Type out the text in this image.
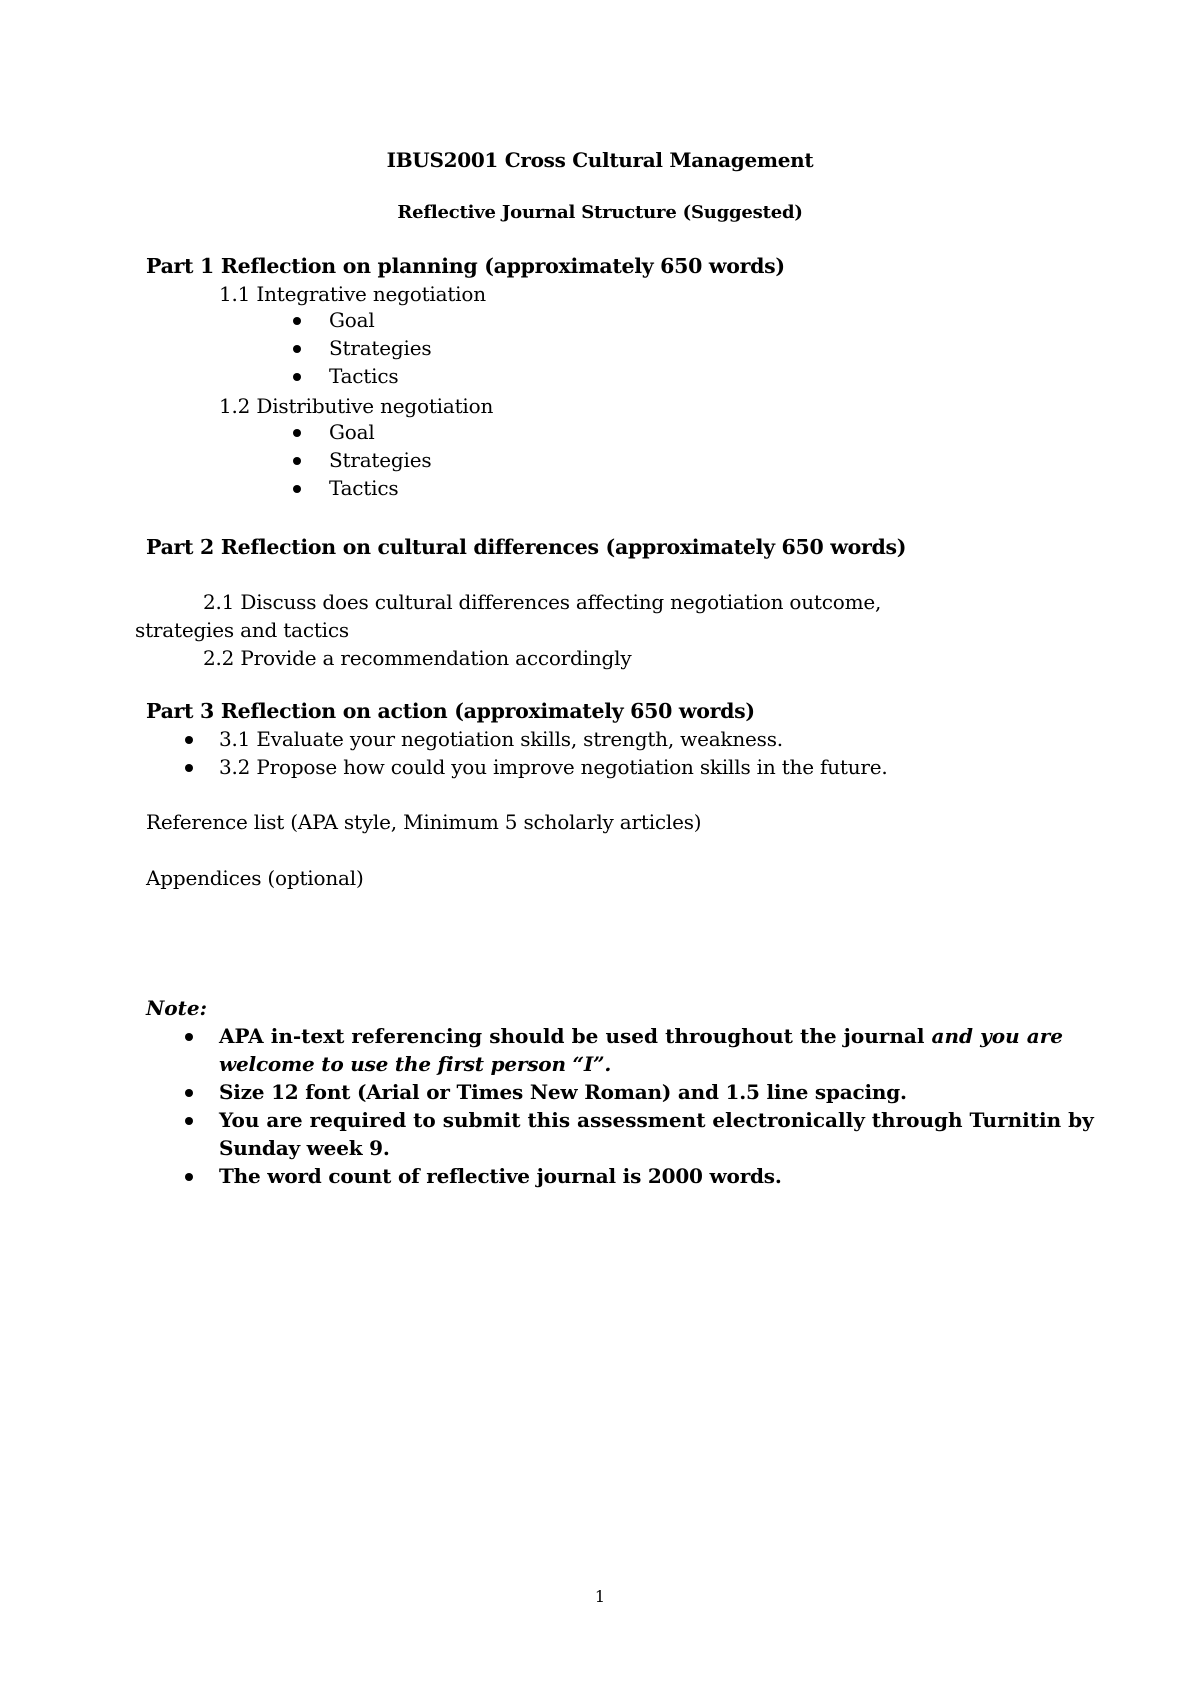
IBUS2001 Cross Cultural Management
Reflective Journal Structure (Suggested)
Part 1 Reflection on planning (approximately 650 words)
1.1 Integrative negotiation
Goal
Strategies
Tactics
1.2 Distributive negotiation
Goal
Strategies
Tactics
Part 2 Reflection on cultural differences (approximately 650 words)
2.1 Discuss does cultural differences affecting negotiation outcome,
strategies and tactics
2.2 Provide a recommendation accordingly
Part 3 Reflection on action (approximately 650 words)
3.1 Evaluate your negotiation skills, strength, weakness.
3.2 Propose how could you improve negotiation skills in the future.
Reference list (APA style, Minimum 5 scholarly articles)
Appendices (optional)
Note:
APA in-text referencing should be used throughout the journal and you are
welcome to use the first person “I”.
Size 12 font (Arial or Times New Roman) and 1.5 line spacing.
You are required to submit this assessment electronically through Turnitin by
Sunday week 9.
The word count of reflective journal is 2000 words.
1
